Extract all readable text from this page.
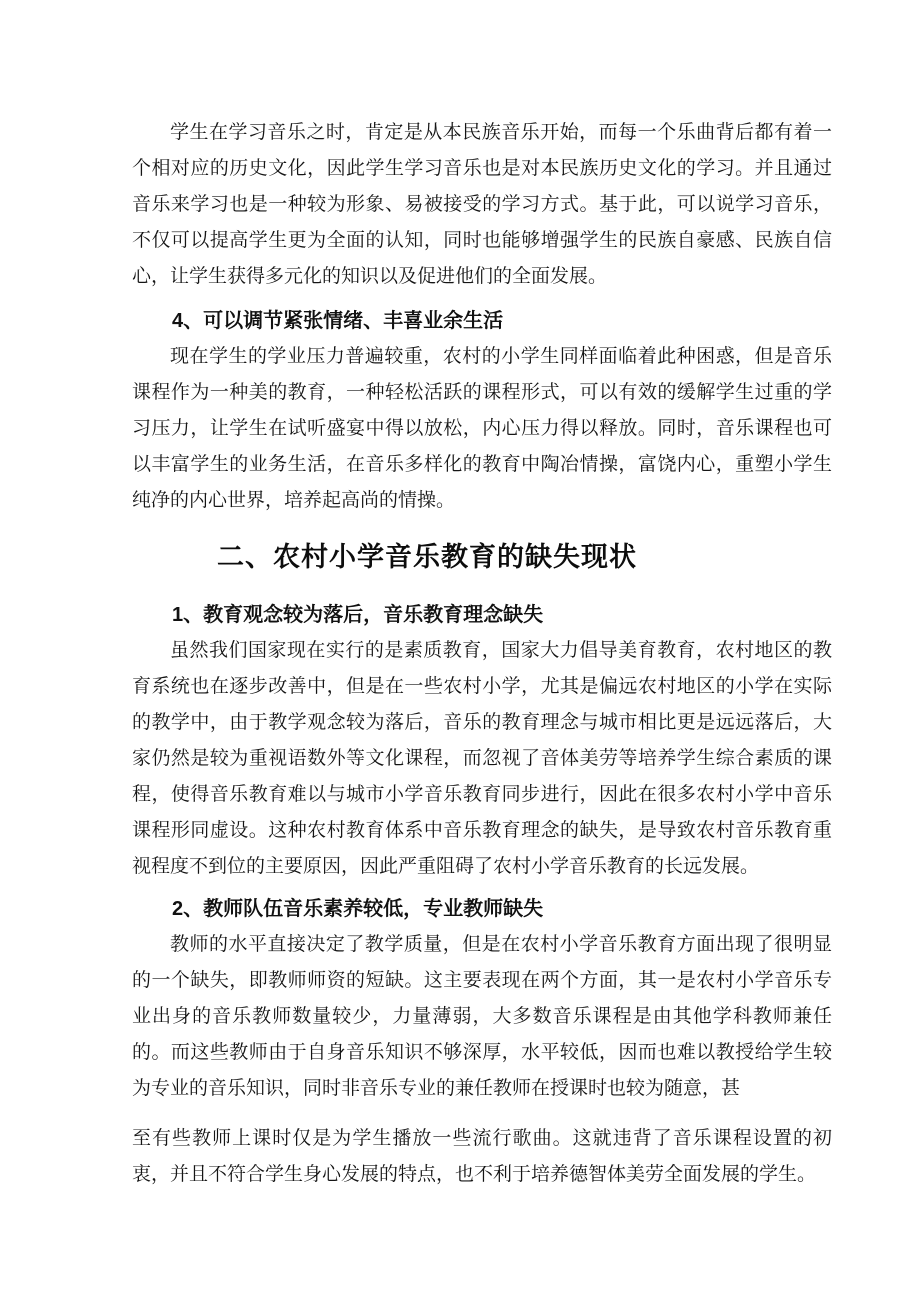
学生在学习音乐之时，肯定是从本民族音乐开始，而每一个乐曲背后都有着一个相对应的历史文化，因此学生学习音乐也是对本民族历史文化的学习。并且通过音乐来学习也是一种较为形象、易被接受的学习方式。基于此，可以说学习音乐，不仅可以提高学生更为全面的认知，同时也能够增强学生的民族自豪感、民族自信心，让学生获得多元化的知识以及促进他们的全面发展。

4、可以调节紧张情绪、丰喜业余生活

现在学生的学业压力普遍较重，农村的小学生同样面临着此种困惑，但是音乐课程作为一种美的教育，一种轻松活跃的课程形式，可以有效的缓解学生过重的学习压力，让学生在试听盛宴中得以放松，内心压力得以释放。同时，音乐课程也可以丰富学生的业务生活，在音乐多样化的教育中陶冶情操，富饶内心，重塑小学生纯净的内心世界，培养起高尚的情操。

二、农村小学音乐教育的缺失现状
1、教育观念较为落后，音乐教育理念缺失

虽然我们国家现在实行的是素质教育，国家大力倡导美育教育，农村地区的教育系统也在逐步改善中，但是在一些农村小学，尤其是偏远农村地区的小学在实际的教学中，由于教学观念较为落后，音乐的教育理念与城市相比更是远远落后，大家仍然是较为重视语数外等文化课程，而忽视了音体美劳等培养学生综合素质的课程，使得音乐教育难以与城市小学音乐教育同步进行，因此在很多农村小学中音乐课程形同虚设。这种农村教育体系中音乐教育理念的缺失，是导致农村音乐教育重视程度不到位的主要原因，因此严重阻碍了农村小学音乐教育的长远发展。

2、教师队伍音乐素养较低，专业教师缺失

教师的水平直接决定了教学质量，但是在农村小学音乐教育方面出现了很明显的一个缺失，即教师师资的短缺。这主要表现在两个方面，其一是农村小学音乐专业出身的音乐教师数量较少，力量薄弱，大多数音乐课程是由其他学科教师兼任的。而这些教师由于自身音乐知识不够深厚，水平较低，因而也难以教授给学生较为专业的音乐知识，同时非音乐专业的兼任教师在授课时也较为随意，甚

至有些教师上课时仅是为学生播放一些流行歌曲。这就违背了音乐课程设置的初衷，并且不符合学生身心发展的特点，也不利于培养德智体美劳全面发展的学生。
